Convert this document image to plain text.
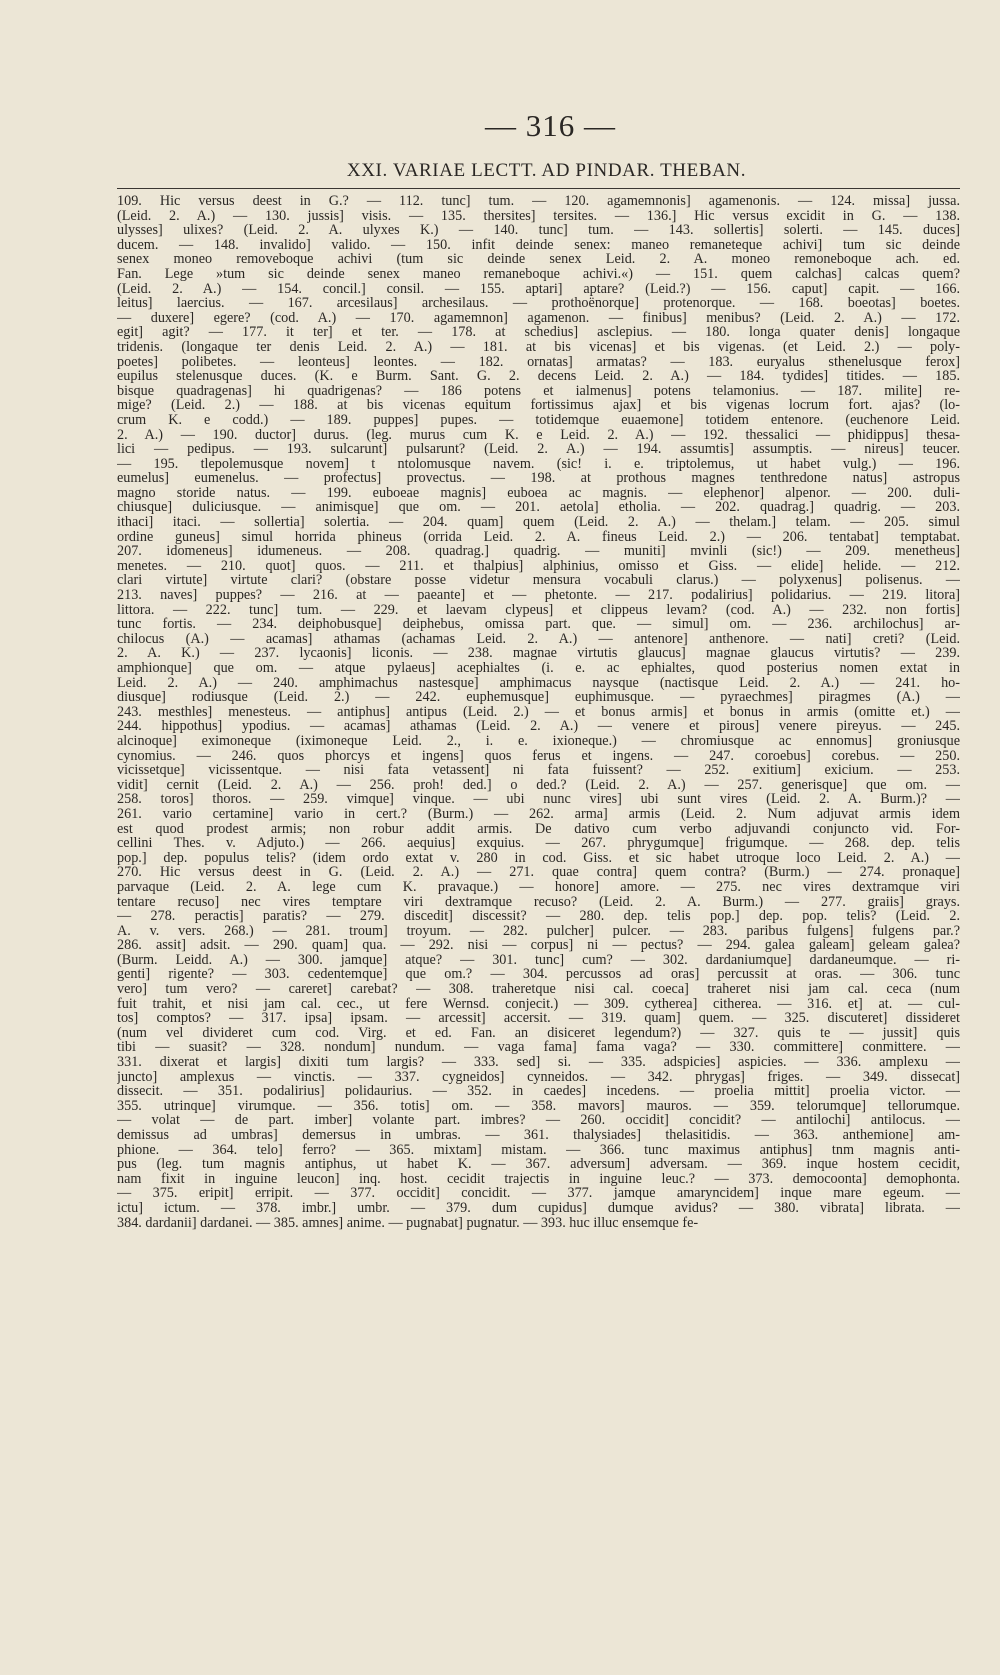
— 316 —
XXI. VARIAE LECTT. AD PINDAR. THEBAN.
109. Hic versus deest in G.? — 112. tunc] tum. — 120. agamemnonis] agamenonis. — 124. missa] jussa.
(Leid. 2. A.) — 130. jussis] visis. — 135. thersites] tersites. — 136.] Hic versus excidit in G. — 138.
ulysses] ulixes? (Leid. 2. A. ulyxes K.) — 140. tunc] tum. — 143. sollertis] solerti. — 145. duces]
ducem. — 148. invalido] valido. — 150. infit deinde senex: maneo remaneteque achivi] tum sic deinde
senex moneo removeboque achivi (tum sic deinde senex Leid. 2. A. moneo remoneboque ach. ed.
Fan. Lege »tum sic deinde senex maneo remaneboque achivi.«) — 151. quem calchas] calcas quem?
(Leid. 2. A.) — 154. concil.] consil. — 155. aptari] aptare? (Leid.?) — 156. caput] capit. — 166.
leitus] laercius. — 167. arcesilaus] archesilaus. — prothoënorque] protenorque. — 168. boeotas] boetes.
— duxere] egere? (cod. A.) — 170. agamemnon] agamenon. — finibus] menibus? (Leid. 2. A.) — 172.
egit] agit? — 177. it ter] et ter. — 178. at schedius] asclepius. — 180. longa quater denis] longaque
tridenis. (longaque ter denis Leid. 2. A.) — 181. at bis vicenas] et bis vigenas. (et Leid. 2.) — poly-
poetes] polibetes. — leonteus] leontes. — 182. ornatas] armatas? — 183. euryalus sthenelusque ferox]
eupilus stelenusque duces. (K. e Burm. Sant. G. 2. decens Leid. 2. A.) — 184. tydides] titides. — 185.
bisque quadragenas] hi quadrigenas? — 186 potens et ialmenus] potens telamonius. — 187. milite] re-
mige? (Leid. 2.) — 188. at bis vicenas equitum fortissimus ajax] et bis vigenas locrum fort. ajas? (lo-
crum K. e codd.) — 189. puppes] pupes. — totidemque euaemone] totidem entenore. (euchenore Leid.
2. A.) — 190. ductor] durus. (leg. murus cum K. e Leid. 2. A.) — 192. thessalici — phidippus] thesa-
lici — pedipus. — 193. sulcarunt] pulsarunt? (Leid. 2. A.) — 194. assumtis] assumptis. — nireus] teucer.
— 195. tlepolemusque novem] t ntolomusque navem. (sic! i. e. triptolemus, ut habet vulg.) — 196.
eumelus] eumenelus. — profectus] provectus. — 198. at prothous magnes tenthredone natus] astropus
magno storide natus. — 199. euboeae magnis] euboea ac magnis. — elephenor] alpenor. — 200. duli-
chiusque] duliciusque. — animisque] que om. — 201. aetola] etholia. — 202. quadrag.] quadrig. — 203.
ithaci] itaci. — sollertia] solertia. — 204. quam] quem (Leid. 2. A.) — thelam.] telam. — 205. simul
ordine guneus] simul horrida phineus (orrida Leid. 2. A. fineus Leid. 2.) — 206. tentabat] temptabat.
207. idomeneus] idumeneus. — 208. quadrag.] quadrig. — muniti] mvinli (sic!) — 209. menetheus]
menetes. — 210. quot] quos. — 211. et thalpius] alphinius, omisso et Giss. — elide] helide. — 212.
clari virtute] virtute clari? (obstare posse videtur mensura vocabuli clarus.) — polyxenus] polisenus. —
213. naves] puppes? — 216. at — paeante] et — phetonte. — 217. podalirius] polidarius. — 219. litora]
littora. — 222. tunc] tum. — 229. et laevam clypeus] et clippeus levam? (cod. A.) — 232. non fortis]
tunc fortis. — 234. deiphobusque] deiphebus, omissa part. que. — simul] om. — 236. archilochus] ar-
chilocus (A.) — acamas] athamas (achamas Leid. 2. A.) — antenore] anthenore. — nati] creti? (Leid.
2. A. K.) — 237. lycaonis] liconis. — 238. magnae virtutis glaucus] magnae glaucus virtutis? — 239.
amphionque] que om. — atque pylaeus] acephialtes (i. e. ac ephialtes, quod posterius nomen extat in
Leid. 2. A.) — 240. amphimachus nastesque] amphimacus naysque (nactisque Leid. 2. A.) — 241. ho-
diusque] rodiusque (Leid. 2.) — 242. euphemusque] euphimusque. — pyraechmes] piragmes (A.) —
243. mesthles] menesteus. — antiphus] antipus (Leid. 2.) — et bonus armis] et bonus in armis (omitte et.) —
244. hippothus] ypodius. — acamas] athamas (Leid. 2. A.) — venere et pirous] venere pireyus. — 245.
alcinoque] eximoneque (iximoneque Leid. 2., i. e. ixioneque.) — chromiusque ac ennomus] groniusque
cynomius. — 246. quos phorcys et ingens] quos ferus et ingens. — 247. coroebus] corebus. — 250.
vicissetque] vicissentque. — nisi fata vetassent] ni fata fuissent? — 252. exitium] exicium. — 253.
vidit] cernit (Leid. 2. A.) — 256. proh! ded.] o ded.? (Leid. 2. A.) — 257. generisque] que om. —
258. toros] thoros. — 259. vimque] vinque. — ubi nunc vires] ubi sunt vires (Leid. 2. A. Burm.)? —
261. vario certamine] vario in cert.? (Burm.) — 262. arma] armis (Leid. 2. Num adjuvat armis idem
est quod prodest armis; non robur addit armis. De dativo cum verbo adjuvandi conjuncto vid. For-
cellini Thes. v. Adjuto.) — 266. aequius] exquius. — 267. phrygumque] frigumque. — 268. dep. telis
pop.] dep. populus telis? (idem ordo extat v. 280 in cod. Giss. et sic habet utroque loco Leid. 2. A.) —
270. Hic versus deest in G. (Leid. 2. A.) — 271. quae contra] quem contra? (Burm.) — 274. pronaque]
parvaque (Leid. 2. A. lege cum K. pravaque.) — honore] amore. — 275. nec vires dextramque viri
tentare recuso] nec vires temptare viri dextramque recuso? (Leid. 2. A. Burm.) — 277. graiis] grays.
— 278. peractis] paratis? — 279. discedit] discessit? — 280. dep. telis pop.] dep. pop. telis? (Leid. 2.
A. v. vers. 268.) — 281. troum] troyum. — 282. pulcher] pulcer. — 283. paribus fulgens] fulgens par.?
286. assit] adsit. — 290. quam] qua. — 292. nisi — corpus] ni — pectus? — 294. galea galeam] geleam galea?
(Burm. Leidd. A.) — 300. jamque] atque? — 301. tunc] cum? — 302. dardaniumque] dardaneumque. — ri-
genti] rigente? — 303. cedentemque] que om.? — 304. percussos ad oras] percussit at oras. — 306. tunc
vero] tum vero? — careret] carebat? — 308. traheretque nisi cal. coeca] traheret nisi jam cal. ceca (num
fuit trahit, et nisi jam cal. cec., ut fere Wernsd. conjecit.) — 309. cytherea] citherea. — 316. et] at. — cul-
tos] comptos? — 317. ipsa] ipsam. — arcessit] accersit. — 319. quam] quem. — 325. discuteret] dissideret
(num vel divideret cum cod. Virg. et ed. Fan. an disiceret legendum?) — 327. quis te — jussit] quis
tibi — suasit? — 328. nondum] nundum. — vaga fama] fama vaga? — 330. committere] conmittere. —
331. dixerat et largis] dixiti tum largis? — 333. sed] si. — 335. adspicies] aspicies. — 336. amplexu —
juncto] amplexus — vinctis. — 337. cygneidos] cynneidos. — 342. phrygas] friges. — 349. dissecat]
dissecit. — 351. podalirius] polidaurius. — 352. in caedes] incedens. — proelia mittit] proelia victor. —
355. utrinque] virumque. — 356. totis] om. — 358. mavors] mauros. — 359. telorumque] tellorumque.
— volat — de part. imber] volante part. imbres? — 260. occidit] concidit? — antilochi] antilocus. —
demissus ad umbras] demersus in umbras. — 361. thalysiades] thelasitidis. — 363. anthemione] am-
phione. — 364. telo] ferro? — 365. mixtam] mistam. — 366. tunc maximus antiphus] tnm magnis anti-
pus (leg. tum magnis antiphus, ut habet K. — 367. adversum] adversam. — 369. inque hostem cecidit,
nam fixit in inguine leucon] inq. host. cecidit trajectis in inguine leuc.? — 373. democoonta] demophonta.
— 375. eripit] erripit. — 377. occidit] concidit. — 377. jamque amaryncidem] inque mare egeum. —
ictu] ictum. — 378. imbr.] umbr. — 379. dum cupidus] dumque avidus? — 380. vibrata] librata. —
384. dardanii] dardanei. — 385. amnes] anime. — pugnabat] pugnatur. — 393. huc illuc ensemque fe-
